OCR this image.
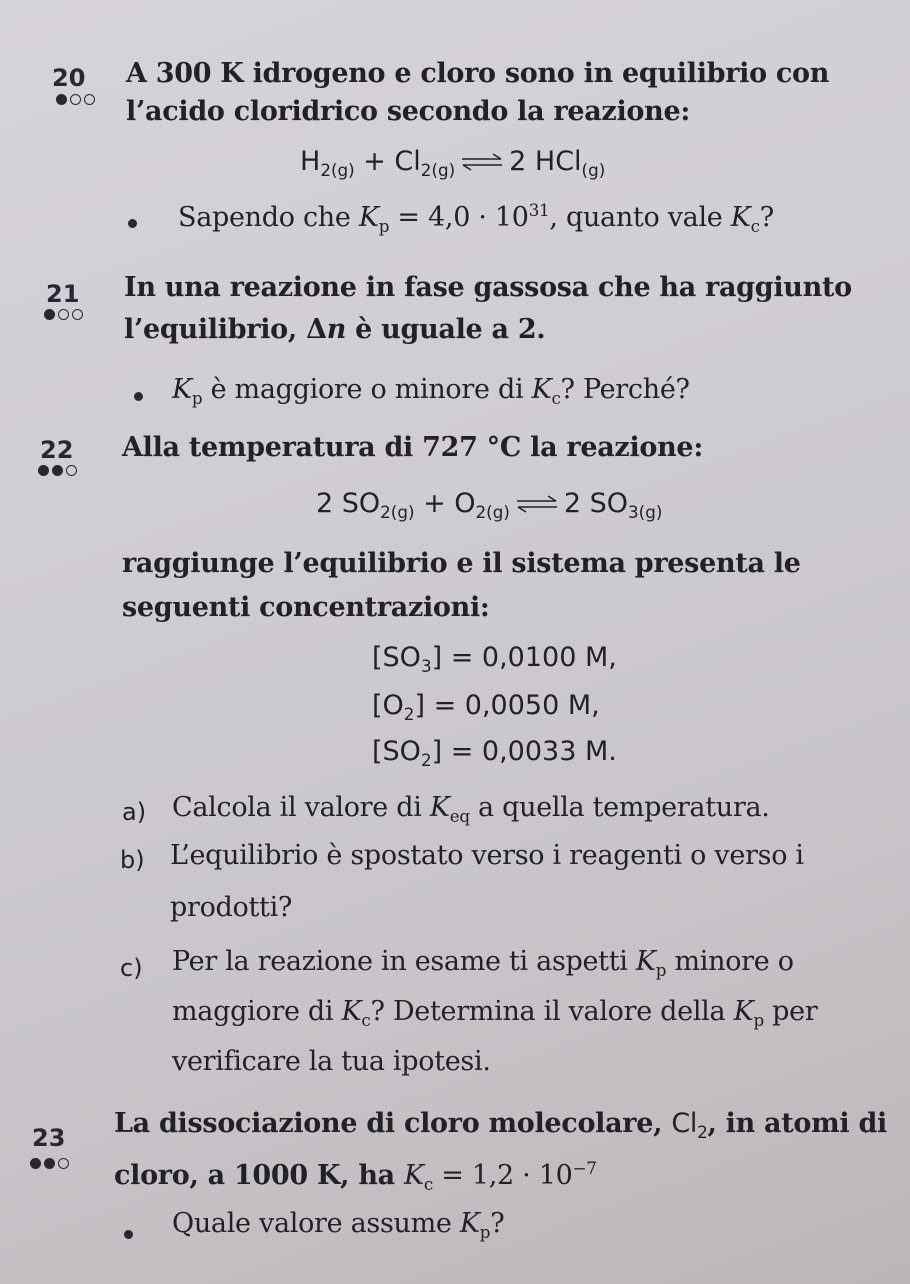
20 A 300 K idrogeno e cloro sono in equilibrio con
l’acido cloridrico secondo la reazione:
$H_{2(g)} + Cl_{2(g)}$ ⇌ 2 HCl$_{(g)}$
Sapendo che $K_p = 4,0 \cdot 10^{31}$, quanto vale $K_c$?
21 In una reazione in fase gassosa che ha raggiunto
l’equilibrio, Δn è uguale a 2.
$K_p$ è maggiore o minore di $K_c$? Perché?
22 Alla temperatura di 727 °C la reazione:
2 $SO_{2(g)} + O_{2(g)}$ ⇌ 2 $SO_{3(g)}$
raggiunge l’equilibrio e il sistema presenta le
seguenti concentrazioni:
$[SO_3] = 0,0100$ M,
$[O_2] = 0,0050$ M,
$[SO_2] = 0,0033$ M.
a) Calcola il valore di $K_{eq}$ a quella temperatura.
b) L’equilibrio è spostato verso i reagenti o verso i
prodotti?
c) Per la reazione in esame ti aspetti $K_p$ minore o
maggiore di $K_c$? Determina il valore della $K_p$ per
verificare la tua ipotesi.
23 La dissociazione di cloro molecolare, $Cl_2$, in atomi di
cloro, a 1000 K, ha $K_c = 1,2 \cdot 10^{-7}$
Quale valore assume $K_p$?
